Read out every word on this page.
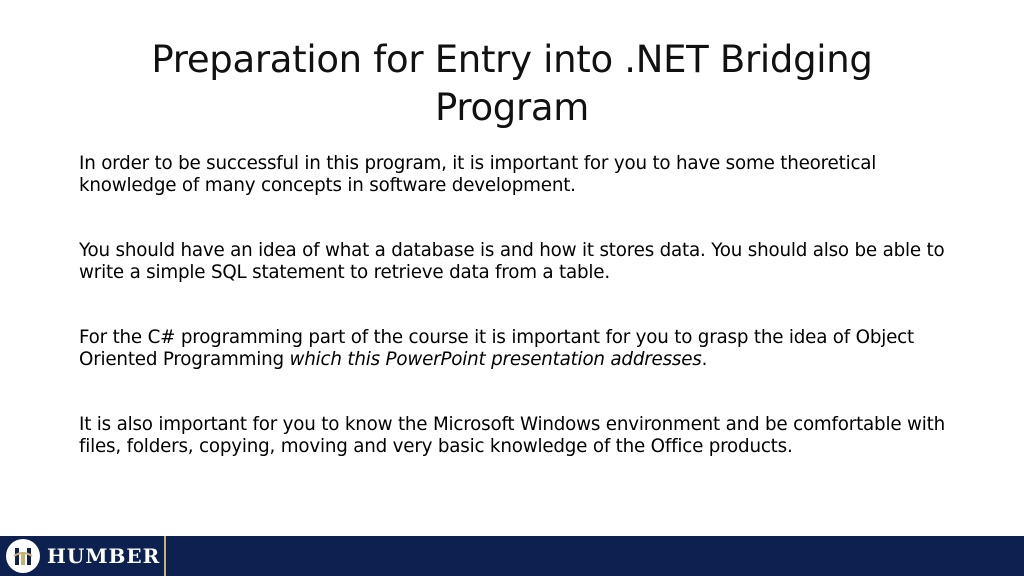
Preparation for Entry into .NET Bridging Program

In order to be successful in this program, it is important for you to have some theoretical knowledge of many concepts in software development.

You should have an idea of what a database is and how it stores data. You should also be able to write a simple SQL statement to retrieve data from a table.

For the C# programming part of the course it is important for you to grasp the idea of Object Oriented Programming which this PowerPoint presentation addresses.

It is also important for you to know the Microsoft Windows environment and be comfortable with files, folders, copying, moving and very basic knowledge of the Office products.

HUMBER
